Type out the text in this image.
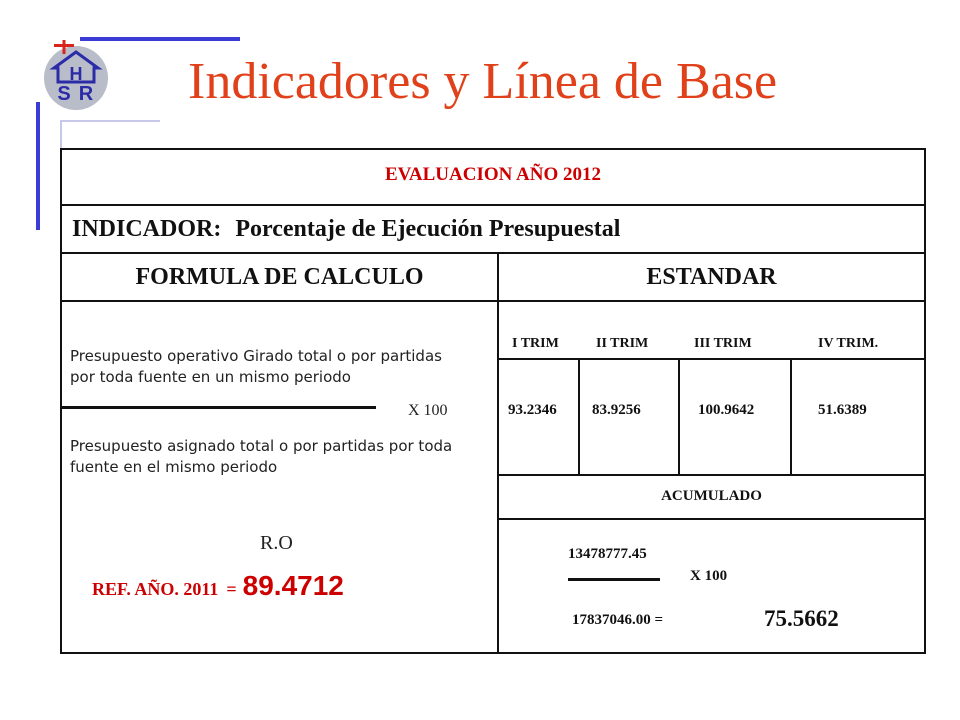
H
S R Indicadores y Línea de Base
EVALUACION AÑO 2012
INDICADOR: Porcentaje de Ejecución Presupuestal
FORMULA DE CALCULO	ESTANDAR
Presupuesto operativo Girado total o por partidas por toda fuente en un mismo periodo
X 100
Presupuesto asignado total o por partidas por toda fuente en el mismo periodo
R.O
REF. AÑO. 2011 = 89.4712
I TRIM	II TRIM	III TRIM	IV TRIM.
93.2346 83.9256	100.9642	51.6389
ACUMULADO
13478777.45
X 100
17837046.00 =	75.5662
